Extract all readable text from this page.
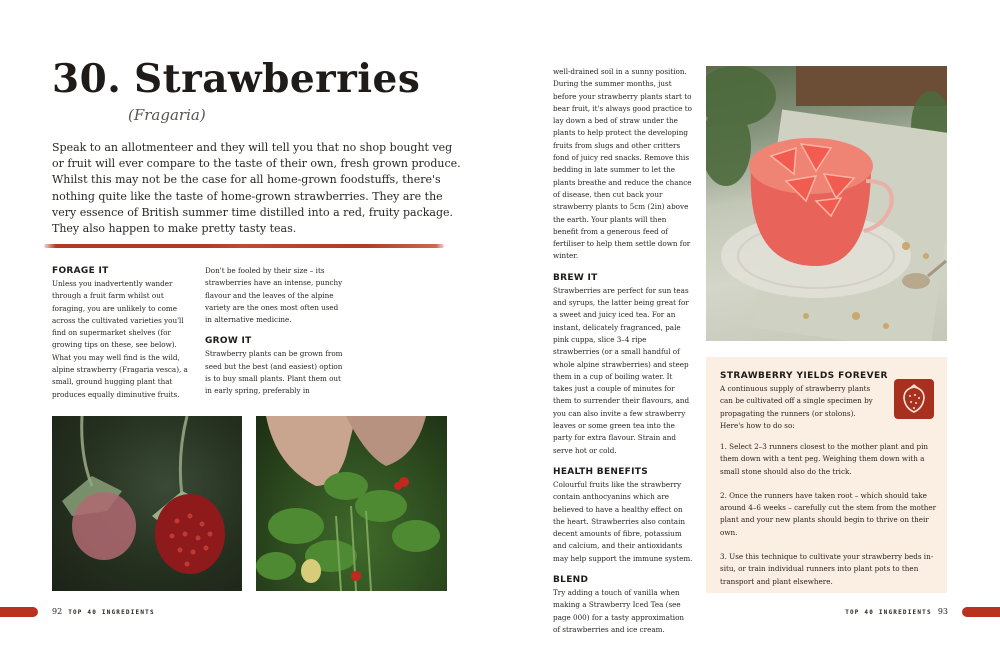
30. Strawberries
(Fragaria)
Speak to an allotmenteer and they will tell you that no shop bought veg or fruit will ever compare to the taste of their own, fresh grown produce. Whilst this may not be the case for all home-grown foodstuffs, there's nothing quite like the taste of home-grown strawberries. They are the very essence of British summer time distilled into a red, fruity package. They also happen to make pretty tasty teas.
FORAGE IT

Unless you inadvertently wander through a fruit farm whilst out foraging, you are unlikely to come across the cultivated varieties you'll find on supermarket shelves (for growing tips on these, see below). What you may well find is the wild, alpine strawberry (Fragaria vesca), a small, ground hugging plant that produces equally diminutive fruits.

Don't be fooled by their size – its strawberries have an intense, punchy flavour and the leaves of the alpine variety are the ones most often used in alternative medicine.

GROW IT

Strawberry plants can be grown from seed but the best (and easiest) option is to buy small plants. Plant them out in early spring, preferably in

92 TOP 40 INGREDIENTS

well-drained soil in a sunny position. During the summer months, just before your strawberry plants start to bear fruit, it's always good practice to lay down a bed of straw under the plants to help protect the developing fruits from slugs and other critters fond of juicy red snacks. Remove this bedding in late summer to let the plants breathe and reduce the chance of disease, then cut back your strawberry plants to 5cm (2in) above the earth. Your plants will then benefit from a generous feed of fertiliser to help them settle down for winter.

BREW IT

Strawberries are perfect for sun teas and syrups, the latter being great for a sweet and juicy iced tea. For an instant, delicately fragranced, pale pink cuppa, slice 3–4 ripe strawberries (or a small handful of whole alpine strawberries) and steep them in a cup of boiling water. It takes just a couple of minutes for them to surrender their flavours, and you can also invite a few strawberry leaves or some green tea into the party for extra flavour. Strain and serve hot or cold.

HEALTH BENEFITS

Colourful fruits like the strawberry contain anthocyanins which are believed to have a healthy effect on the heart. Strawberries also contain decent amounts of fibre, potassium and calcium, and their antioxidants may help support the immune system.

BLEND

Try adding a touch of vanilla when making a Strawberry Iced Tea (see page 000) for a tasty approximation of strawberries and ice cream.

STRAWBERRY YIELDS FOREVER
A continuous supply of strawberry plants can be cultivated off a single specimen by propagating the runners (or stolons). Here's how to do so:

1. Select 2–3 runners closest to the mother plant and pin them down with a tent peg. Weighing them down with a small stone should also do the trick.

2. Once the runners have taken root – which should take around 4–6 weeks – carefully cut the stem from the mother plant and your new plants should begin to thrive on their own.

3. Use this technique to cultivate your strawberry beds in-situ, or train individual runners into plant pots to then transport and plant elsewhere.

TOP 40 INGREDIENTS 93
